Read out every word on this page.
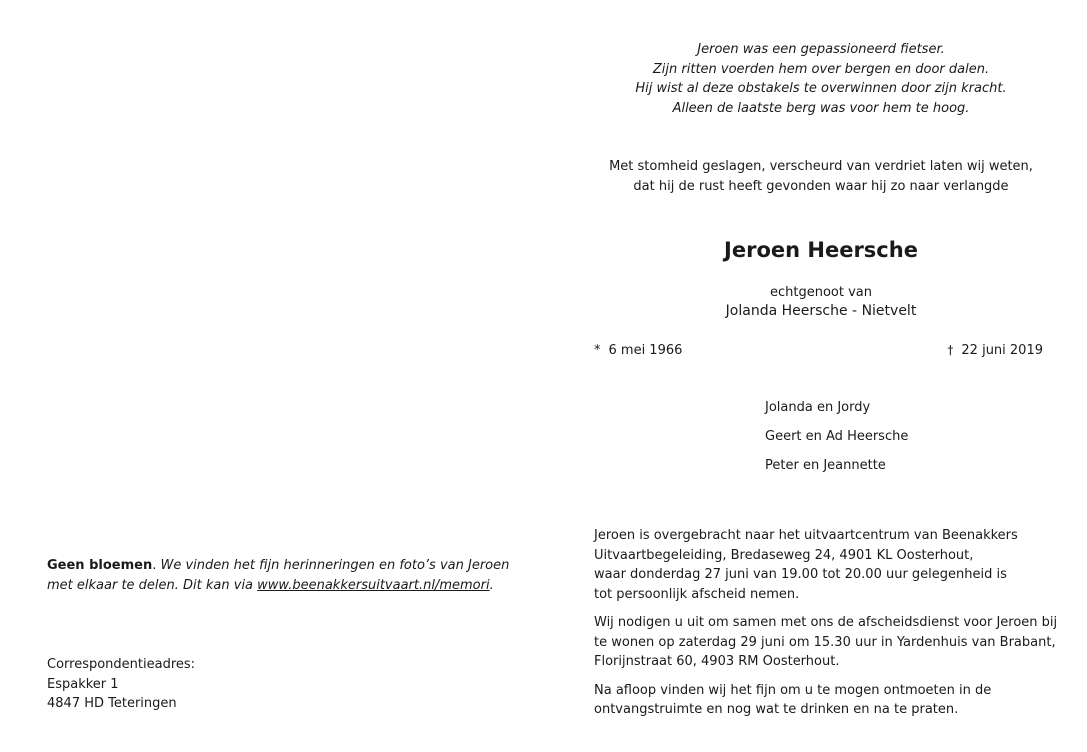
Geen bloemen. We vinden het fijn herinneringen en foto’s van Jeroen
met elkaar te delen. Dit kan via www.beenakkersuitvaart.nl/memori.
Correspondentieadres:
Espakker 1
4847 HD Teteringen
Jeroen was een gepassioneerd fietser.
Zijn ritten voerden hem over bergen en door dalen.
Hij wist al deze obstakels te overwinnen door zijn kracht.
Alleen de laatste berg was voor hem te hoog.
Met stomheid geslagen, verscheurd van verdriet laten wij weten,
dat hij de rust heeft gevonden waar hij zo naar verlangde
Jeroen Heersche
echtgenoot van
Jolanda Heersche - Nietvelt
* 6 mei 1966	† 22 juni 2019
Jolanda en Jordy
Geert en Ad Heersche
Peter en Jeannette

Jeroen is overgebracht naar het uitvaartcentrum van Beenakkers
Uitvaartbegeleiding, Bredaseweg 24, 4901 KL Oosterhout,
waar donderdag 27 juni van 19.00 tot 20.00 uur gelegenheid is
tot persoonlijk afscheid nemen.

Wij nodigen u uit om samen met ons de afscheidsdienst voor Jeroen bij
te wonen op zaterdag 29 juni om 15.30 uur in Yardenhuis van Brabant,
Florijnstraat 60, 4903 RM Oosterhout.

Na afloop vinden wij het fijn om u te mogen ontmoeten in de
ontvangstruimte en nog wat te drinken en na te praten.
